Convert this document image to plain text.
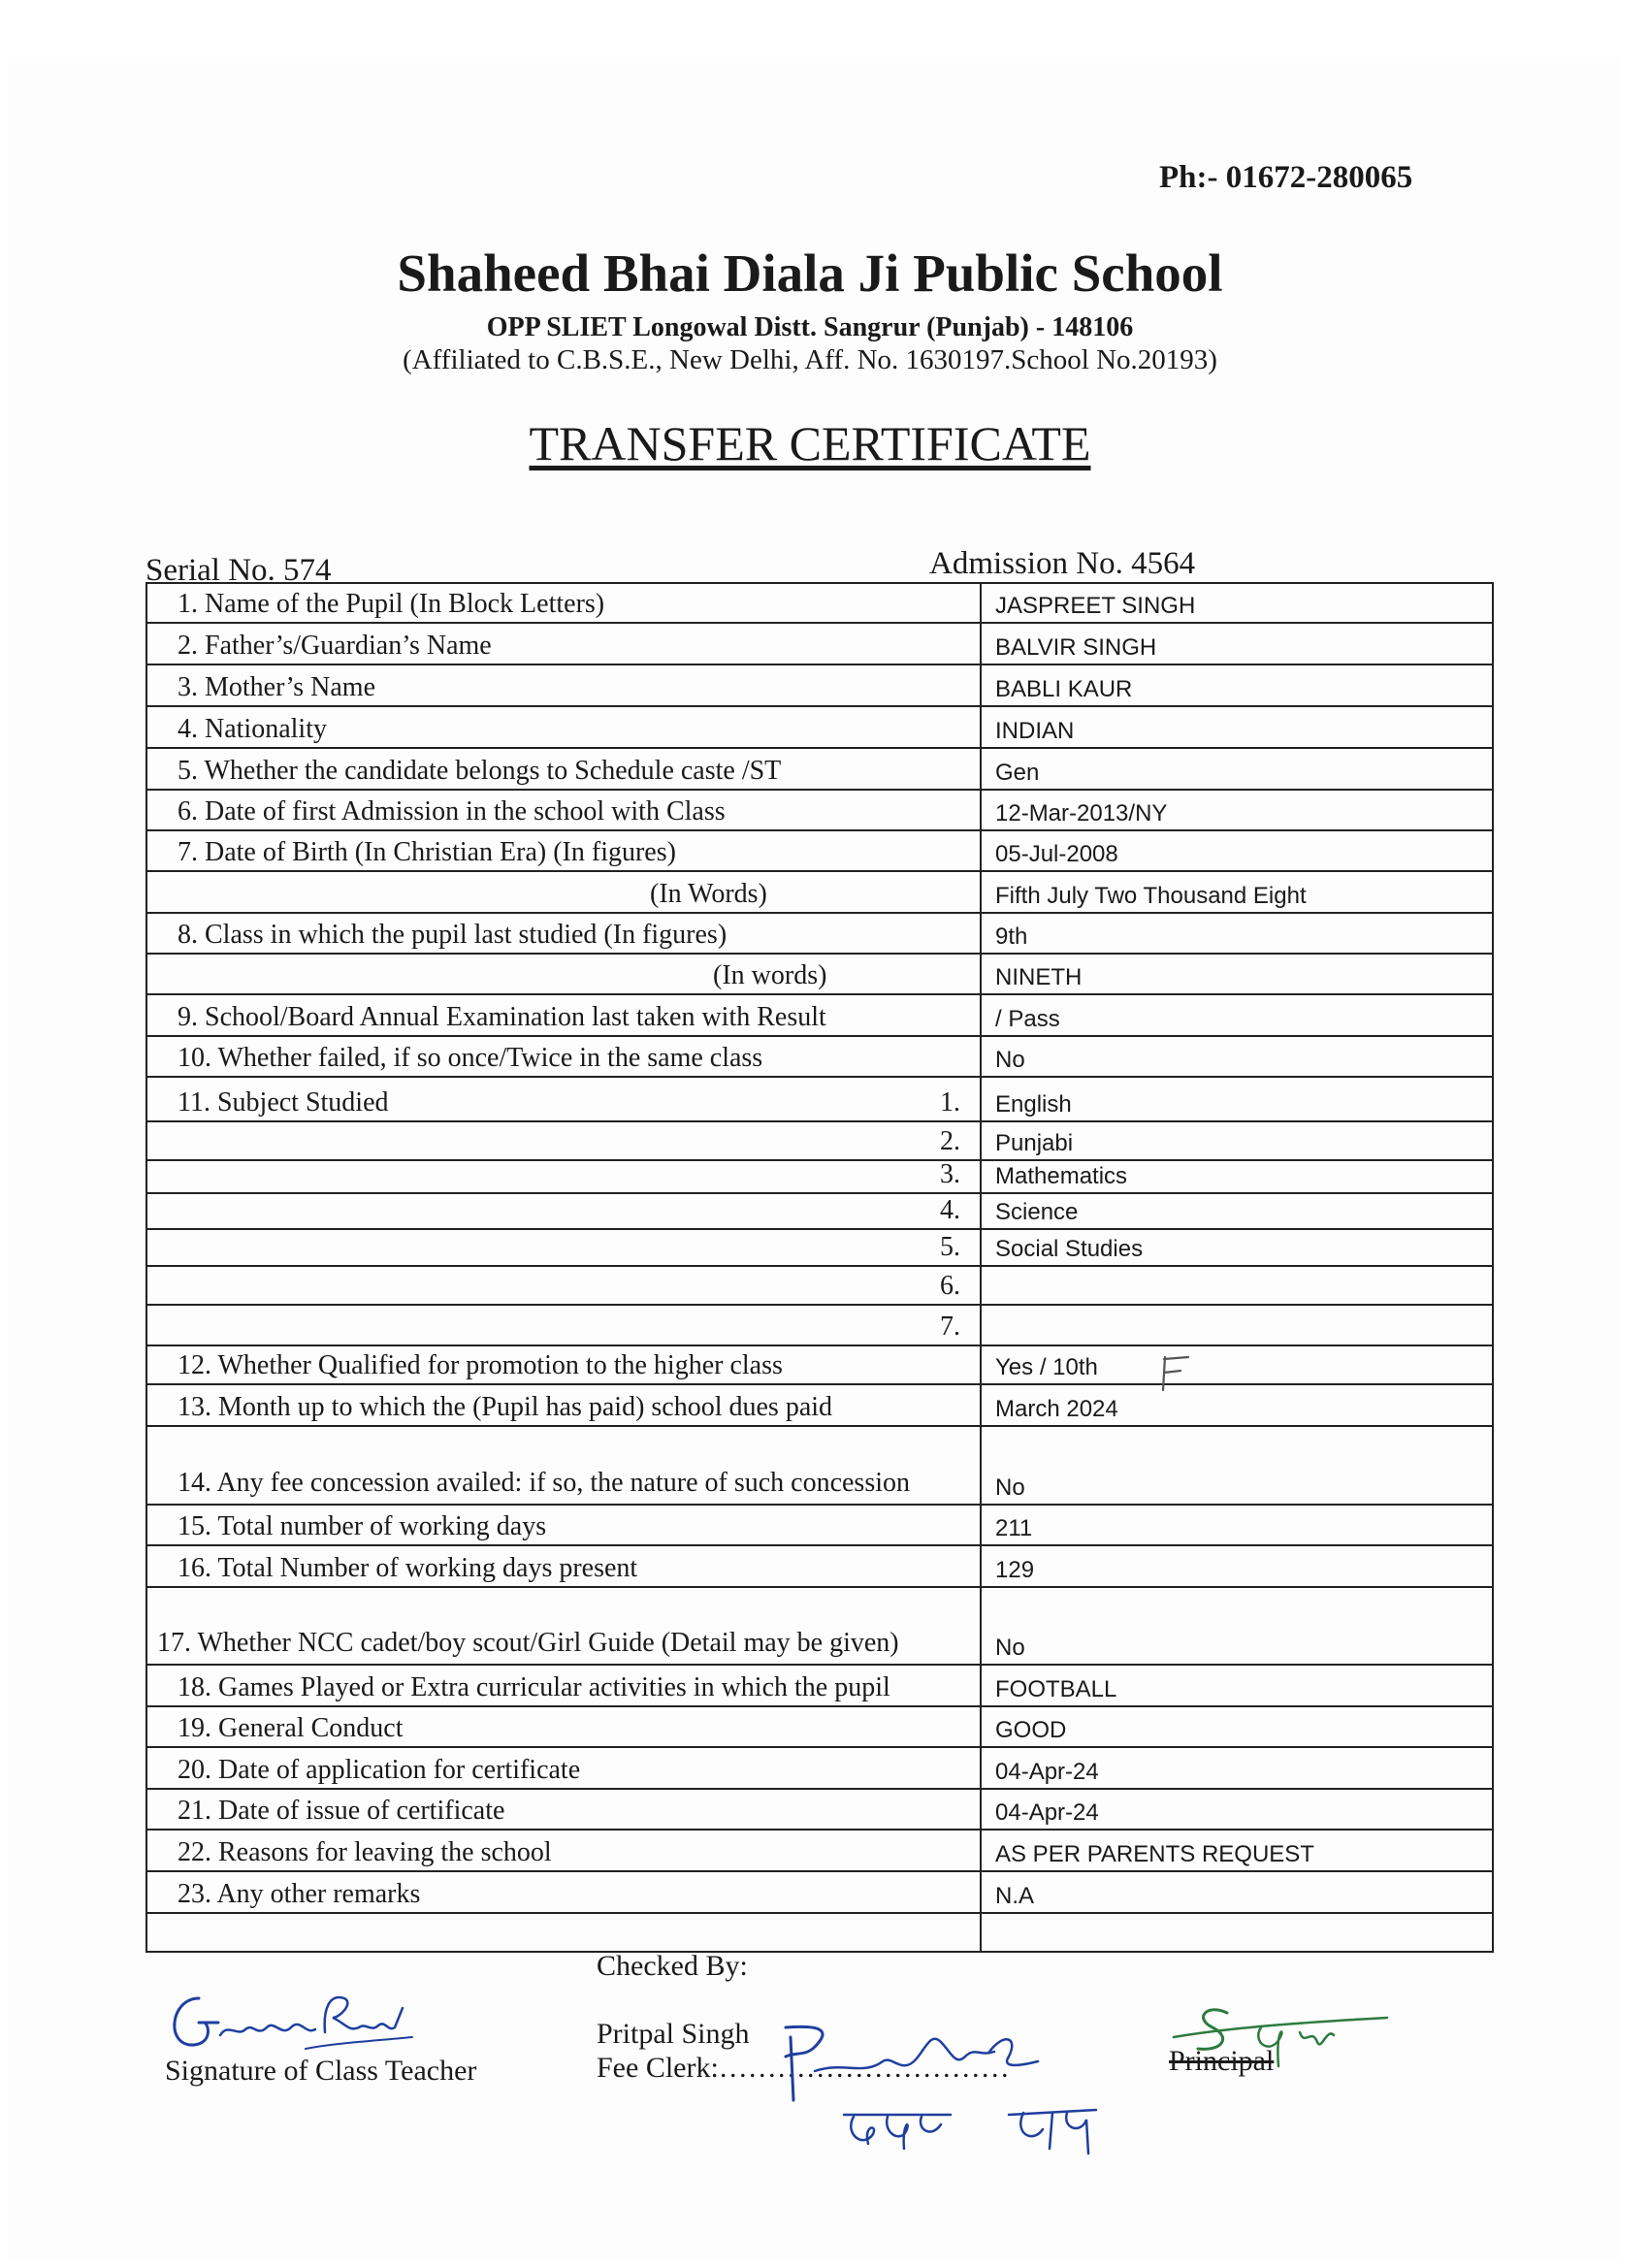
Ph:- 01672-280065
Shaheed Bhai Diala Ji Public School
OPP SLIET Longowal Distt. Sangrur (Punjab) - 148106
(Affiliated to C.B.S.E., New Delhi, Aff. No. 1630197.School No.20193)
TRANSFER CERTIFICATE
Serial No. 574	Admission No. 4564
1. Name of the Pupil (In Block Letters)	JASPREET SINGH
2. Father’s/Guardian’s Name	BALVIR SINGH
3. Mother’s Name	BABLI KAUR
4. Nationality	INDIAN
5. Whether the candidate belongs to Schedule caste /ST	Gen
6. Date of first Admission in the school with Class	12-Mar-2013/NY
7. Date of Birth (In Christian Era) (In figures)	05-Jul-2008
(In Words)	Fifth July Two Thousand Eight
8. Class in which the pupil last studied (In figures)	9th
(In words)	NINETH
9. School/Board Annual Examination last taken with Result	/ Pass
10. Whether failed, if so once/Twice in the same class	No
11. Subject Studied	1. English
2. Punjabi
3. Mathematics
4. Science
5. Social Studies
6.
7.
12. Whether Qualified for promotion to the higher class	Yes / 10th
13. Month up to which the (Pupil has paid) school dues paid	March 2024
14. Any fee concession availed: if so, the nature of such concession	No
15. Total number of working days	211
16. Total Number of working days present	129
17. Whether NCC cadet/boy scout/Girl Guide (Detail may be given)	No
18. Games Played or Extra curricular activities in which the pupil	FOOTBALL
19. General Conduct	GOOD
20. Date of application for certificate	04-Apr-24
21. Date of issue of certificate	04-Apr-24
22. Reasons for leaving the school	AS PER PARENTS REQUEST
23. Any other remarks	N.A
Checked By:
Signature of Class Teacher
Pritpal Singh
Fee Clerk:…………………………	Principal
